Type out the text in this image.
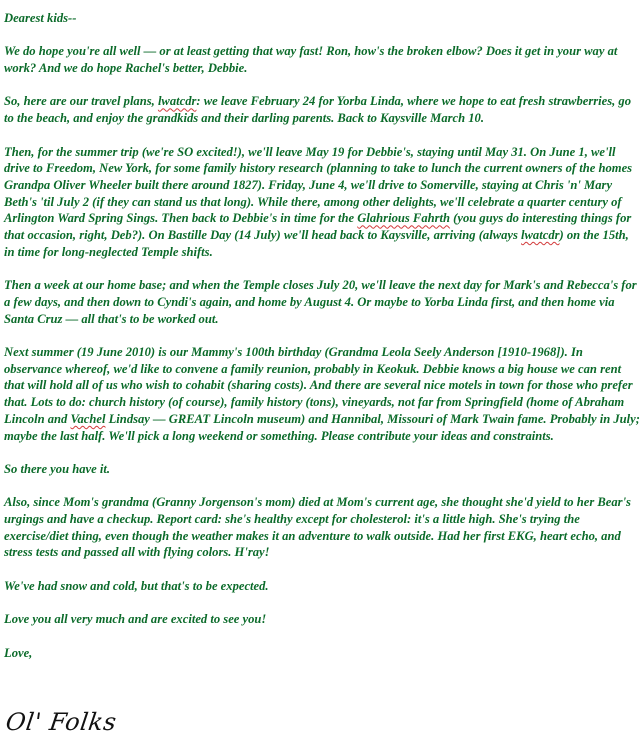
Dearest kids--

We do hope you're all well — or at least getting that way fast! Ron, how's the broken elbow? Does it get in your way at work? And we do hope Rachel's better, Debbie.

So, here are our travel plans, lwatcdr: we leave February 24 for Yorba Linda, where we hope to eat fresh strawberries, go to the beach, and enjoy the grandkids and their darling parents. Back to Kaysville March 10.

Then, for the summer trip (we're SO excited!), we'll leave May 19 for Debbie's, staying until May 31. On June 1, we'll drive to Freedom, New York, for some family history research (planning to take to lunch the current owners of the homes Grandpa Oliver Wheeler built there around 1827). Friday, June 4, we'll drive to Somerville, staying at Chris 'n' Mary Beth's 'til July 2 (if they can stand us that long). While there, among other delights, we'll celebrate a quarter century of Arlington Ward Spring Sings. Then back to Debbie's in time for the Glahrious Fahrth (you guys do interesting things for that occasion, right, Deb?). On Bastille Day (14 July) we'll head back to Kaysville, arriving (always lwatcdr) on the 15th, in time for long-neglected Temple shifts.

Then a week at our home base; and when the Temple closes July 20, we'll leave the next day for Mark's and Rebecca's for a few days, and then down to Cyndi's again, and home by August 4. Or maybe to Yorba Linda first, and then home via Santa Cruz — all that's to be worked out.

Next summer (19 June 2010) is our Mammy's 100th birthday (Grandma Leola Seely Anderson [1910-1968]). In observance whereof, we'd like to convene a family reunion, probably in Keokuk. Debbie knows a big house we can rent that will hold all of us who wish to cohabit (sharing costs). And there are several nice motels in town for those who prefer that. Lots to do: church history (of course), family history (tons), vineyards, not far from Springfield (home of Abraham Lincoln and Vachel Lindsay — GREAT Lincoln museum) and Hannibal, Missouri of Mark Twain fame. Probably in July; maybe the last half. We'll pick a long weekend or something. Please contribute your ideas and constraints.

So there you have it.

Also, since Mom's grandma (Granny Jorgenson's mom) died at Mom's current age, she thought she'd yield to her Bear's urgings and have a checkup. Report card: she's healthy except for cholesterol: it's a little high. She's trying the exercise/diet thing, even though the weather makes it an adventure to walk outside. Had her first EKG, heart echo, and stress tests and passed all with flying colors. H'ray!

We've had snow and cold, but that's to be expected.

Love you all very much and are excited to see you!

Love,

Ol' Folks
